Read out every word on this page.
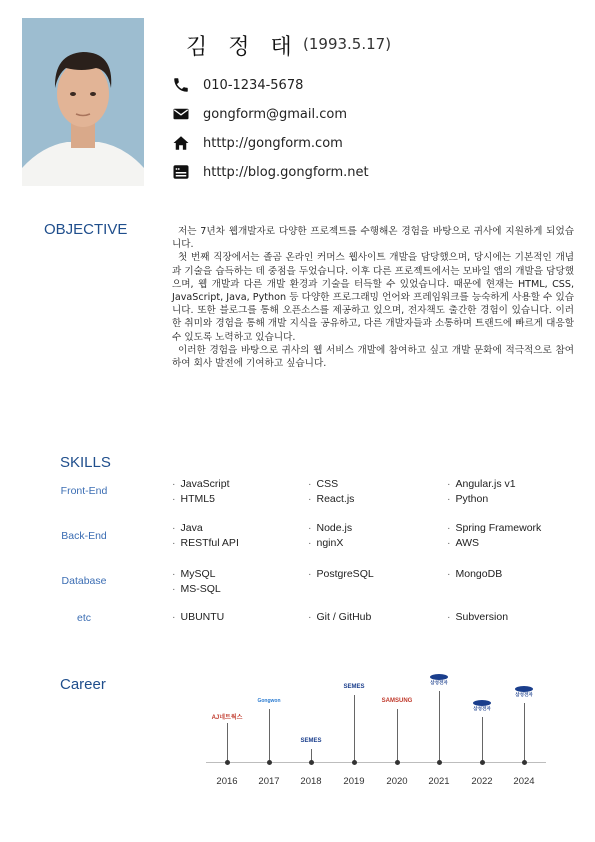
김 정 태 (1993.5.17)
010-1234-5678
gongform@gmail.com
htttp://gongform.com
htttp://blog.gongform.net
OBJECTIVE	저는 7년차 웹개발자로 다양한 프로젝트를 수행해온 경험을 바탕으로 귀사에 지원하게 되었습니다.

첫 번째 직장에서는 졸곰 온라인 커머스 웹사이트 개발을 담당했으며, 당시에는 기본적인 개념과 기술을 습득하는 데 중점을 두었습니다. 이후 다른 프로젝트에서는 모바일 앱의 개발을 담당했으며, 웹 개발과 다른 개발 환경과 기술을 터득할 수 있었습니다. 때문에 현재는 HTML, CSS, JavaScript, Java, Python 등 다양한 프로그래밍 언어와 프레임워크를 능숙하게 사용할 수 있습니다. 또한 블로그를 통해 오픈소스를 제공하고 있으며, 전자책도 출간한 경험이 있습니다. 이러한 취미와 경험을 통해 개발 지식을 공유하고, 다른 개발자들과 소통하며 트랜드에 빠르게 대응할 수 있도록 노력하고 있습니다.

이러한 경험을 바탕으로 귀사의 웹 서비스 개발에 참여하고 싶고 개발 문화에 적극적으로 참여하여 회사 발전에 기여하고 싶습니다.

SKILLS
Front-End
· JavaScript	· CSS	· Angular.js v1
· HTML5	· React.js	· Python
Back-End
· Java	· Node.js	· Spring Framework
· RESTful API	· nginX	· AWS
Database
· MySQL	· PostgreSQL	· MongoDB
· MS-SQL
etc	· UBUNTU	· Git / GitHub	· Subversion
Career
AJ네트웍스
2016
Gongwon
2017
SEMES
2018
SEMES
2019
SAMSUNG
2020
삼성전자
2021
삼성전자
2022
삼성전자
2024
